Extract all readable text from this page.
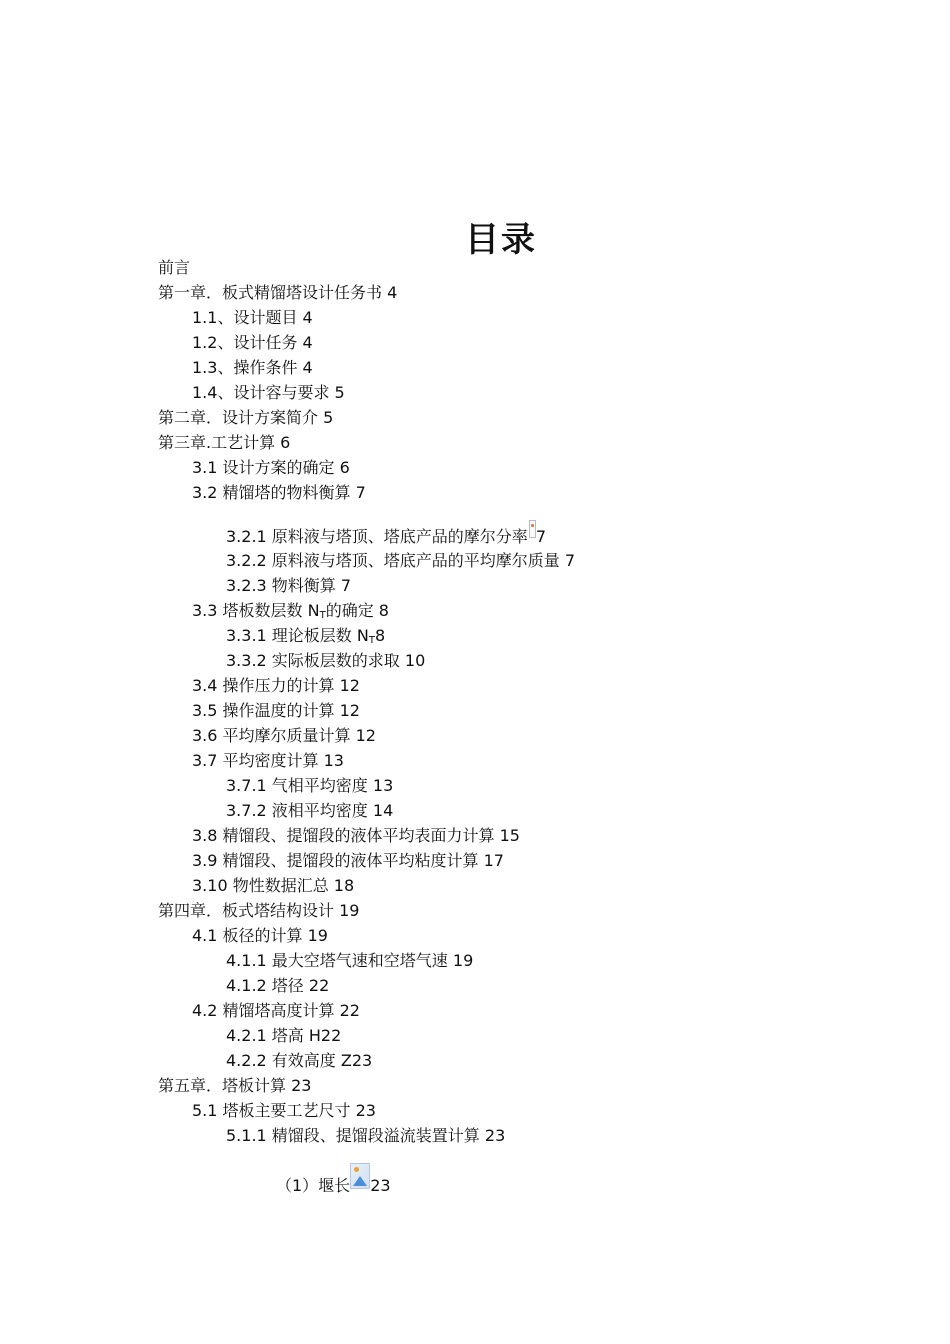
目录
前言
第一章．板式精馏塔设计任务书 4
1.1、设计题目 4
1.2、设计任务 4
1.3、操作条件 4
1.4、设计容与要求 5
第二章．设计方案简介 5
第三章.工艺计算 6
3.1 设计方案的确定 6
3.2 精馏塔的物料衡算 7
3.2.1 原料液与塔顶、塔底产品的摩尔分率 7
3.2.2 原料液与塔顶、塔底产品的平均摩尔质量 7
3.2.3 物料衡算 7
3.3 塔板数层数 $N_T$的确定 8
3.3.1 理论板层数 $N_T8$
3.3.2 实际板层数的求取 10
3.4 操作压力的计算 12
3.5 操作温度的计算 12
3.6 平均摩尔质量计算 12
3.7 平均密度计算 13
3.7.1 气相平均密度 13
3.7.2 液相平均密度 14
3.8 精馏段、提馏段的液体平均表面力计算 15
3.9 精馏段、提馏段的液体平均粘度计算 17
3.10 物性数据汇总 18
第四章．板式塔结构设计 19
4.1 板径的计算 19
4.1.1 最大空塔气速和空塔气速 19
4.1.2 塔径 22
4.2 精馏塔高度计算 22
4.2.1 塔高 H22
4.2.2 有效高度 Z23
第五章．塔板计算 23
5.1 塔板主要工艺尺寸 23
5.1.1 精馏段、提馏段溢流装置计算 23
（1）堰长 23
